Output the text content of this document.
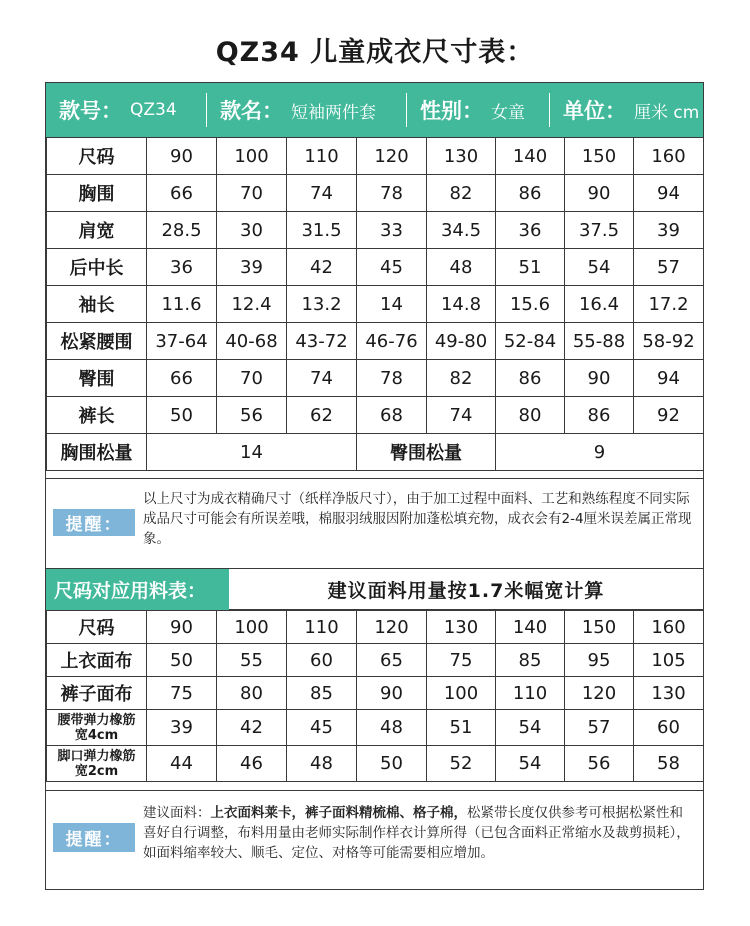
QZ34 儿童成衣尺寸表：
款号： QZ34 款名： 短袖两件套 性别： 女童 单位： 厘米 cm
尺码	90	100	110	120	130	140	150	160
胸围	66	70	74	78	82	86	90	94
肩宽	28.5	30	31.5	33	34.5	36	37.5	39
后中长	36	39	42	45	48	51	54	57
袖长	11.6	12.4	13.2	14	14.8	15.6	16.4	17.2
松紧腰围	37-64	40-68	43-72	46-76	49-80	52-84	55-88	58-92
臀围	66	70	74	78	82	86	90	94
裤长	50	56	62	68	74	80	86	92
胸围松量	14			臀围松量		9		
提醒：
以上尺寸为成衣精确尺寸（纸样净版尺寸），由于加工过程中面料、工艺和熟练程度不同实际成品尺寸可能会有所误差哦，棉服羽绒服因附加蓬松填充物，成衣会有2-4厘米误差属正常现象。
尺码对应用料表：	建议面料用量按1.7米幅宽计算
尺码	90	100	110	120	130	140	150	160
上衣面布	50	55	60	65	75	85	95	105
裤子面布	75	80	85	90	100	110	120	130

腰带弹力橡筋
宽4cm	39	42	45	48	51	54	57	60

脚口弹力橡筋
宽2cm	44	46	48	50	52	54	56	58
提醒：
建议面料：上衣面料莱卡，裤子面料精梳棉、格子棉，松紧带长度仅供参考可根据松紧性和喜好自行调整，布料用量由老师实际制作样衣计算所得（已包含面料正常缩水及裁剪损耗），如面料缩率较大、顺毛、定位、对格等可能需要相应增加。
